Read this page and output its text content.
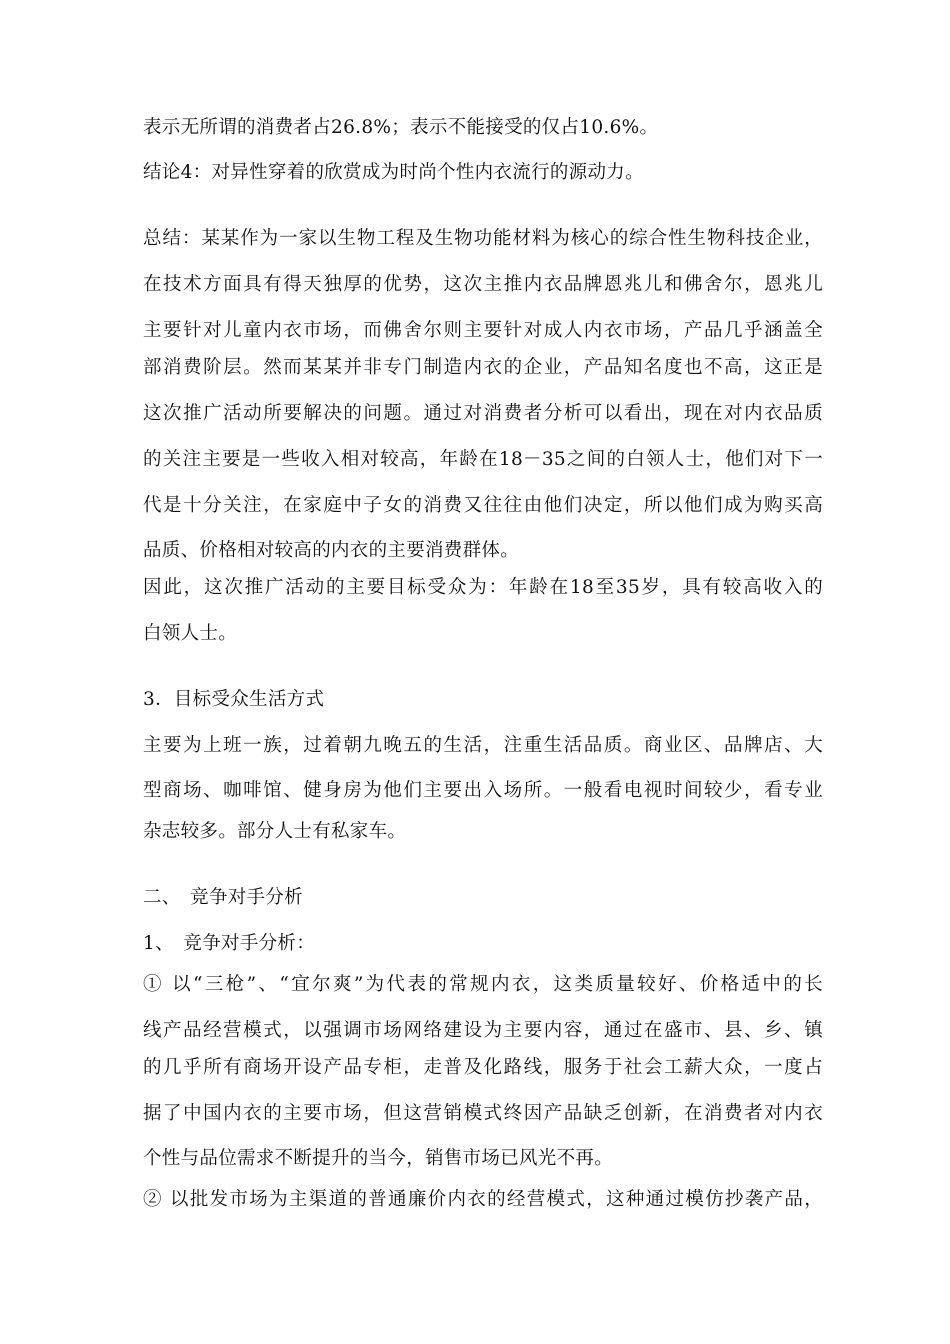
表示无所谓的消费者占26.8%；表示不能接受的仅占10.6%。
结论4：对异性穿着的欣赏成为时尚个性内衣流行的源动力。
总结：某某作为一家以生物工程及生物功能材料为核心的综合性生物科技企业，
在技术方面具有得天独厚的优势，这次主推内衣品牌恩兆儿和佛舍尔，恩兆儿
主要针对儿童内衣市场，而佛舍尔则主要针对成人内衣市场，产品几乎涵盖全
部消费阶层。然而某某并非专门制造内衣的企业，产品知名度也不高，这正是
这次推广活动所要解决的问题。通过对消费者分析可以看出，现在对内衣品质
的关注主要是一些收入相对较高，年龄在18－35之间的白领人士，他们对下一
代是十分关注，在家庭中子女的消费又往往由他们决定，所以他们成为购买高
品质、价格相对较高的内衣的主要消费群体。
因此，这次推广活动的主要目标受众为：年龄在18至35岁，具有较高收入的
白领人士。
3．目标受众生活方式
主要为上班一族，过着朝九晚五的生活，注重生活品质。商业区、品牌店、大
型商场、咖啡馆、健身房为他们主要出入场所。一般看电视时间较少，看专业
杂志较多。部分人士有私家车。
二、　竞争对手分析
1、　竞争对手分析：
① 以“三枪”、“宜尔爽”为代表的常规内衣，这类质量较好、价格适中的长
线产品经营模式，以强调市场网络建设为主要内容，通过在盛市、县、乡、镇
的几乎所有商场开设产品专柜，走普及化路线，服务于社会工薪大众，一度占
据了中国内衣的主要市场，但这营销模式终因产品缺乏创新，在消费者对内衣
个性与品位需求不断提升的当今，销售市场已风光不再。
② 以批发市场为主渠道的普通廉价内衣的经营模式，这种通过模仿抄袭产品，
